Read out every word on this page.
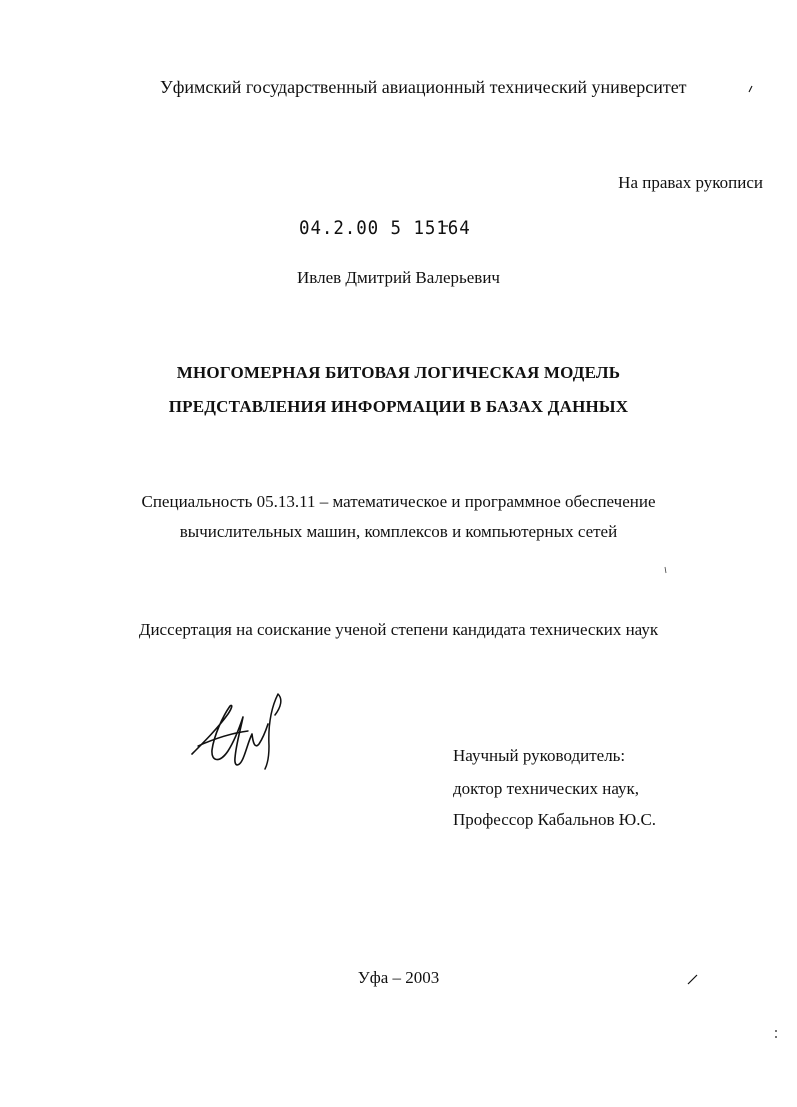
Уфимский государственный авиационный технический университет
На правах рукописи
04.2.00 5 15164
Ивлев Дмитрий Валерьевич
МНОГОМЕРНАЯ БИТОВАЯ ЛОГИЧЕСКАЯ МОДЕЛЬ
ПРЕДСТАВЛЕНИЯ ИНФОРМАЦИИ В БАЗАХ ДАННЫХ
Специальность 05.13.11 – математическое и программное обеспечение
вычислительных машин, комплексов и компьютерных сетей
Диссертация на соискание ученой степени кандидата технических наук
Научный руководитель:
доктор технических наук,
Профессор Кабальнов Ю.С.
Уфа – 2003
